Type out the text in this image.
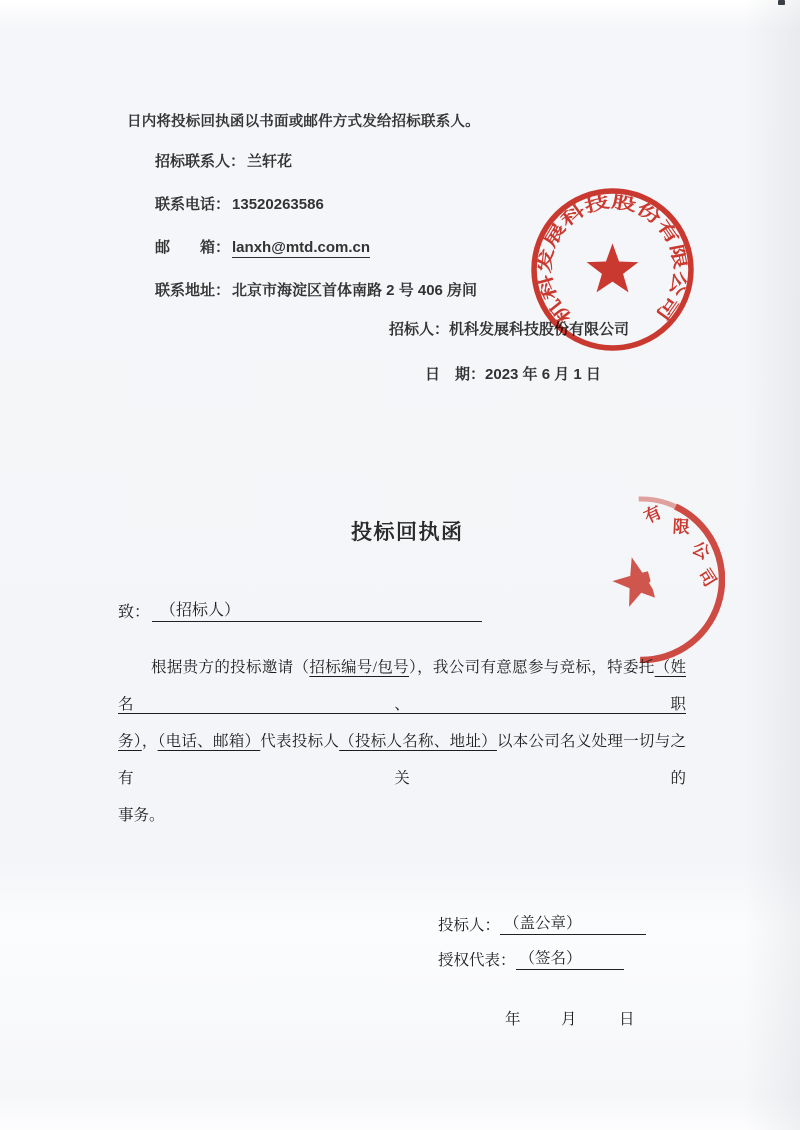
日内将投标回执函以书面或邮件方式发给招标联系人。
招标联系人： 兰轩花
联系电话： 13520263586
邮　　箱： lanxh@mtd.com.cn
联系地址： 北京市海淀区首体南路 2 号 406 房间
招标人：机科发展科技股份有限公司
日　期：2023 年 6 月 1 日
机科发展科技股份有限公司
有
限
公
司
投标回执函
致： （招标人）
根据贵方的投标邀请（招标编号/包号），我公司有意愿参与竞标，特委托（姓名、职
务），（电话、邮箱）代表投标人（投标人名称、地址）以本公司名义处理一切与之有关的
事务。
投标人： （盖公章）
授权代表： （签名）
年	月	日
